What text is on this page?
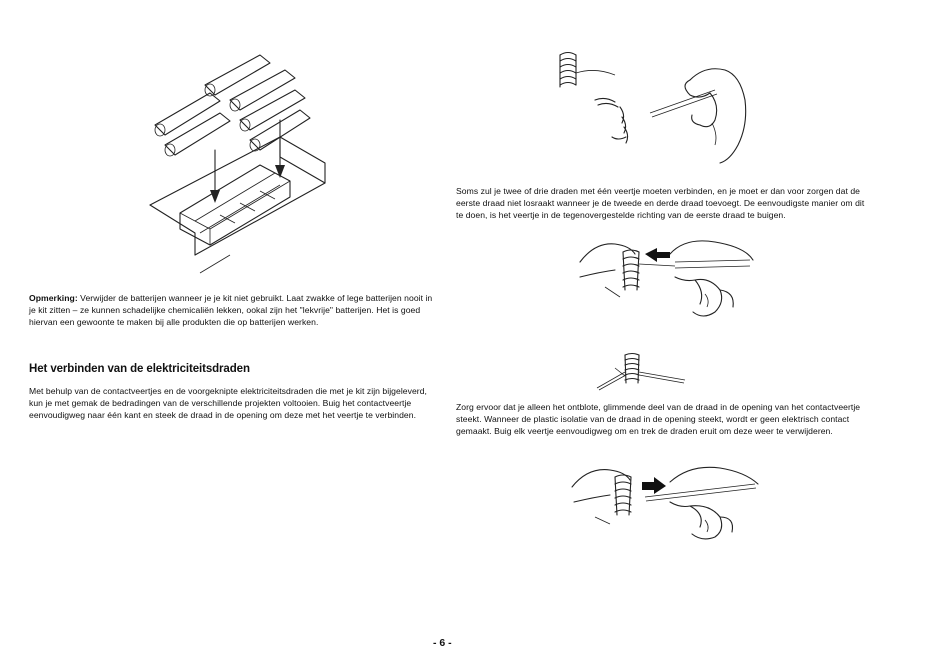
Opmerking: Verwijder de batterijen wanneer je je kit niet gebruikt. Laat zwakke of lege batterijen nooit in je kit zitten – ze kunnen schadelijke chemicaliën lekken, ookal zijn het "lekvrije" batterijen. Het is goed hiervan een gewoonte te maken bij alle produkten die op batterijen werken.
Het verbinden van de elektriciteitsdraden
Met behulp van de contactveertjes en de voorgeknipte elektriciteitsdraden die met je kit zijn bijgeleverd, kun je met gemak de bedradingen van de verschillende projekten voltooien. Buig het contactveertje eenvoudigweg naar één kant en steek de draad in de opening om deze met het veertje te verbinden.
Soms zul je twee of drie draden met één veertje moeten verbinden, en je moet er dan voor zorgen dat de eerste draad niet losraakt wanneer je de tweede en derde draad toevoegt. De eenvoudigste manier om dit te doen, is het veertje in de tegenovergestelde richting van de eerste draad te buigen.
Zorg ervoor dat je alleen het ontblote, glimmende deel van de draad in de opening van het contactveertje steekt. Wanneer de plastic isolatie van de draad in de opening steekt, wordt er geen elektrisch contact gemaakt. Buig elk veertje eenvoudigweg om en trek de draden eruit om deze weer te verwijderen.
- 6 -
